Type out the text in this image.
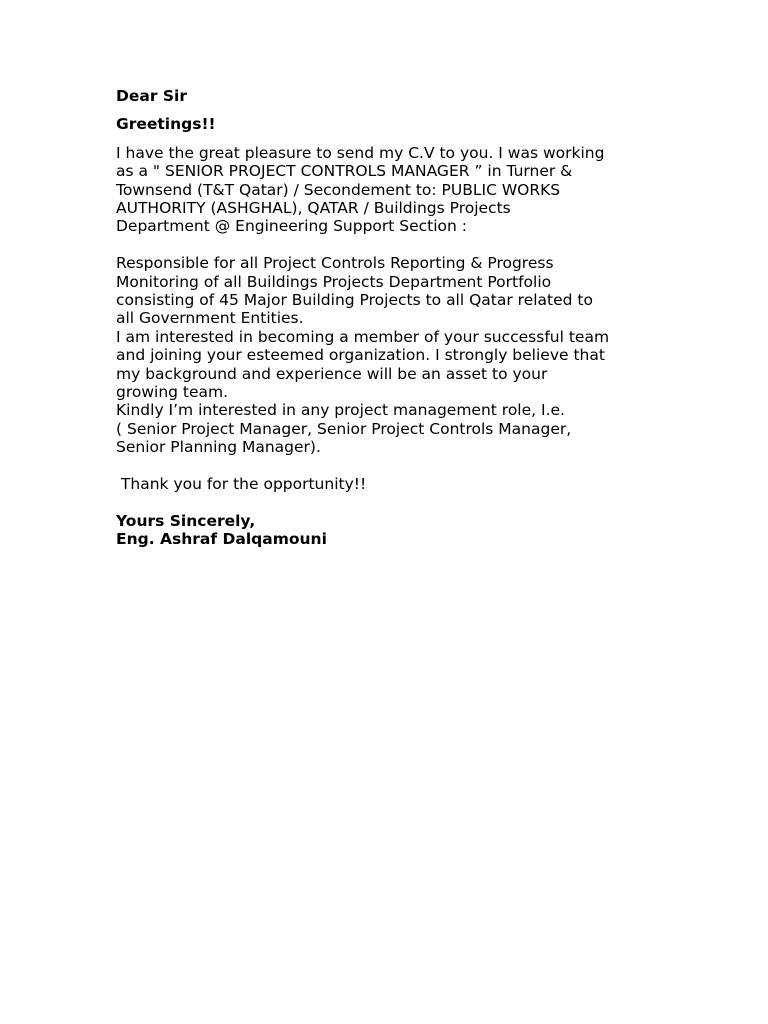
Dear Sir
Greetings!!
I have the great pleasure to send my C.V to you. I was working
as a " SENIOR PROJECT CONTROLS MANAGER ” in Turner &
Townsend (T&T Qatar) / Secondement to: PUBLIC WORKS
AUTHORITY (ASHGHAL), QATAR / Buildings Projects
Department @ Engineering Support Section :
Responsible for all Project Controls Reporting & Progress
Monitoring of all Buildings Projects Department Portfolio
consisting of 45 Major Building Projects to all Qatar related to
all Government Entities.
I am interested in becoming a member of your successful team
and joining your esteemed organization. I strongly believe that
my background and experience will be an asset to your
growing team.
Kindly I’m interested in any project management role, I.e.
( Senior Project Manager, Senior Project Controls Manager,
Senior Planning Manager).
Thank you for the opportunity!!
Yours Sincerely,
Eng. Ashraf Dalqamouni
